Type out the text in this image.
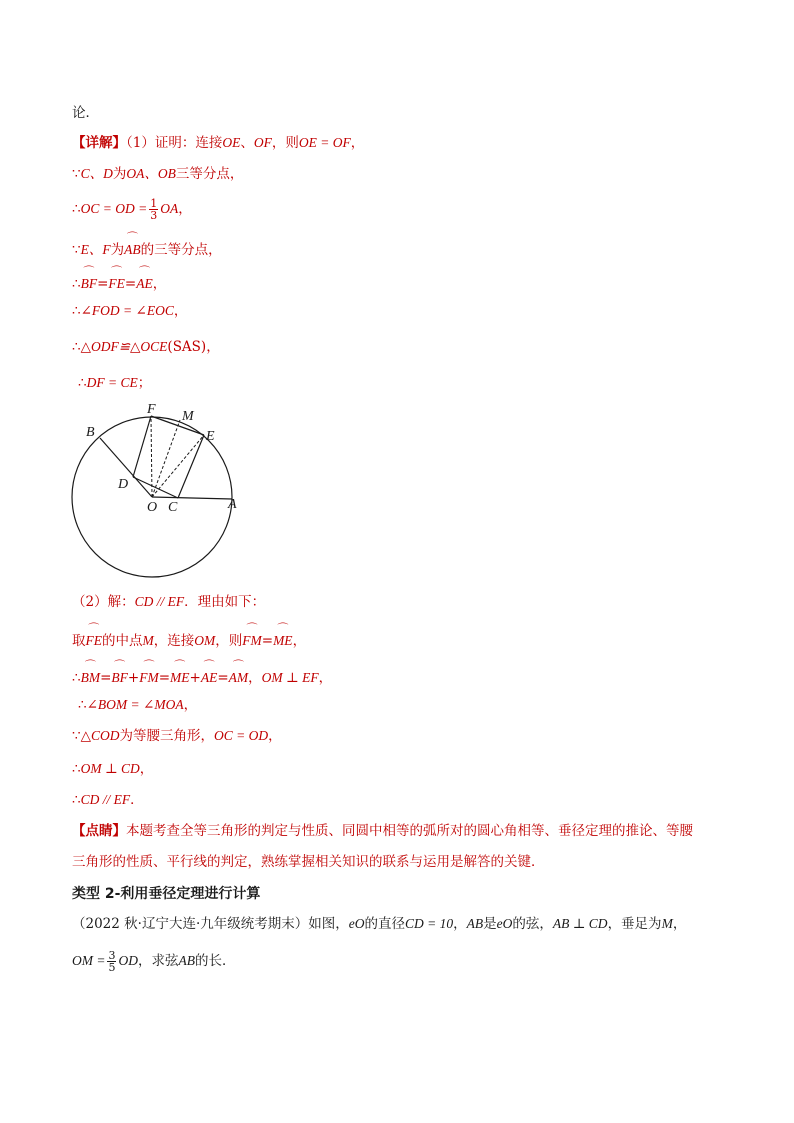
论．
【详解】（1）证明：连接OE、OF，则OE = OF，
∵C、D为OA、OB三等分点，
∴OC = OD = $\frac{1}{3}$ OA，
∵E、F为⌒ AB的三等分点，
∴⌒ BF=⌒ FE=⌒ AE，
∴∠FOD = ∠EOC，
∴△ODF≌△OCE(SAS)，
∴DF = CE；
B
F M
E
D
O C	A
（2）解：CD // EF．理由如下：
取⌒ FE的中点M，连接OM，则⌒ FM=⌒ ME，
∴⌒ BM=⌒ BF+⌒ FM=⌒ ME+⌒ AE=⌒ AM，OM ⊥ EF，
∴∠BOM = ∠MOA，
∵△COD为等腰三角形，OC = OD，
∴OM ⊥ CD，
∴CD // EF．
【点睛】本题考查全等三角形的判定与性质、同圆中相等的弧所对的圆心角相等、垂径定理的推论、等腰
三角形的性质、平行线的判定，熟练掌握相关知识的联系与运用是解答的关键．
类型 2-利用垂径定理进行计算
（2022 秋·辽宁大连·九年级统考期末）如图，eO的直径CD = 10，AB是eO的弦，AB ⊥ CD，垂足为M，
OM = $\frac{3}{5}$ OD，求弦AB的长．
